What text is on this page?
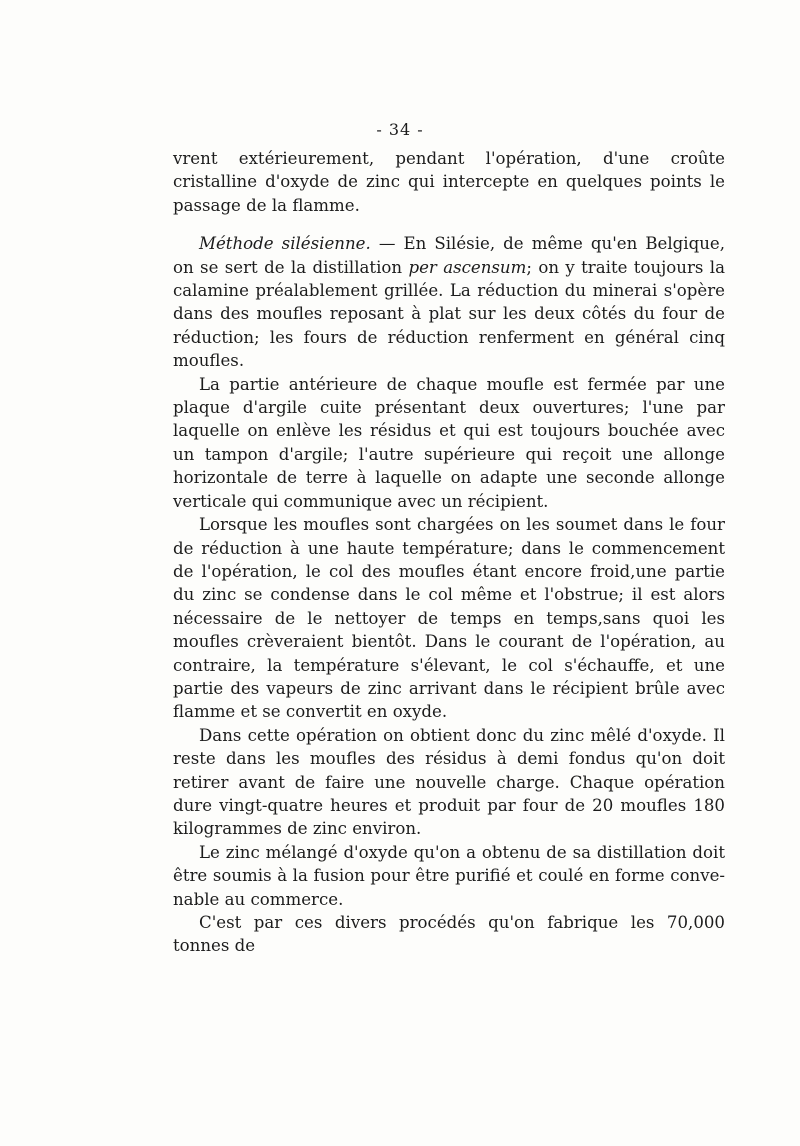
- 34 -

vrent extérieurement, pendant l'opération, d'une croûte cristalline d'oxyde de zinc qui intercepte en quelques points le passage de la flamme.

Méthode silésienne. — En Silésie, de même qu'en Belgique, on se sert de la distillation per ascensum; on y traite toujours la calamine préalablement grillée. La réduction du minerai s'opère dans des moufles reposant à plat sur les deux côtés du four de réduction; les fours de réduction renferment en général cinq moufles.

La partie antérieure de chaque moufle est fermée par une plaque d'argile cuite présentant deux ouvertures; l'une par laquelle on enlève les résidus et qui est toujours bouchée avec un tampon d'argile; l'autre supérieure qui reçoit une allonge horizontale de terre à laquelle on adapte une seconde allonge verticale qui communique avec un récipient.

Lorsque les moufles sont chargées on les soumet dans le four de réduction à une haute température; dans le commencement de l'opération, le col des moufles étant encore froid,une partie du zinc se condense dans le col même et l'obstrue; il est alors nécessaire de le nettoyer de temps en temps,sans quoi les moufles crèveraient bientôt. Dans le courant de l'opération, au contraire, la température s'élevant, le col s'échauffe, et une partie des vapeurs de zinc arrivant dans le récipient brûle avec flamme et se convertit en oxyde.

Dans cette opération on obtient donc du zinc mêlé d'oxyde. Il reste dans les moufles des résidus à demi fondus qu'on doit retirer avant de faire une nouvelle charge. Chaque opération dure vingt-quatre heures et produit par four de 20 moufles 180 kilogrammes de zinc environ.

Le zinc mélangé d'oxyde qu'on a obtenu de sa distillation doit être soumis à la fusion pour être purifié et coulé en forme convenable au commerce.

C'est par ces divers procédés qu'on fabrique les 70,000 tonnes de
